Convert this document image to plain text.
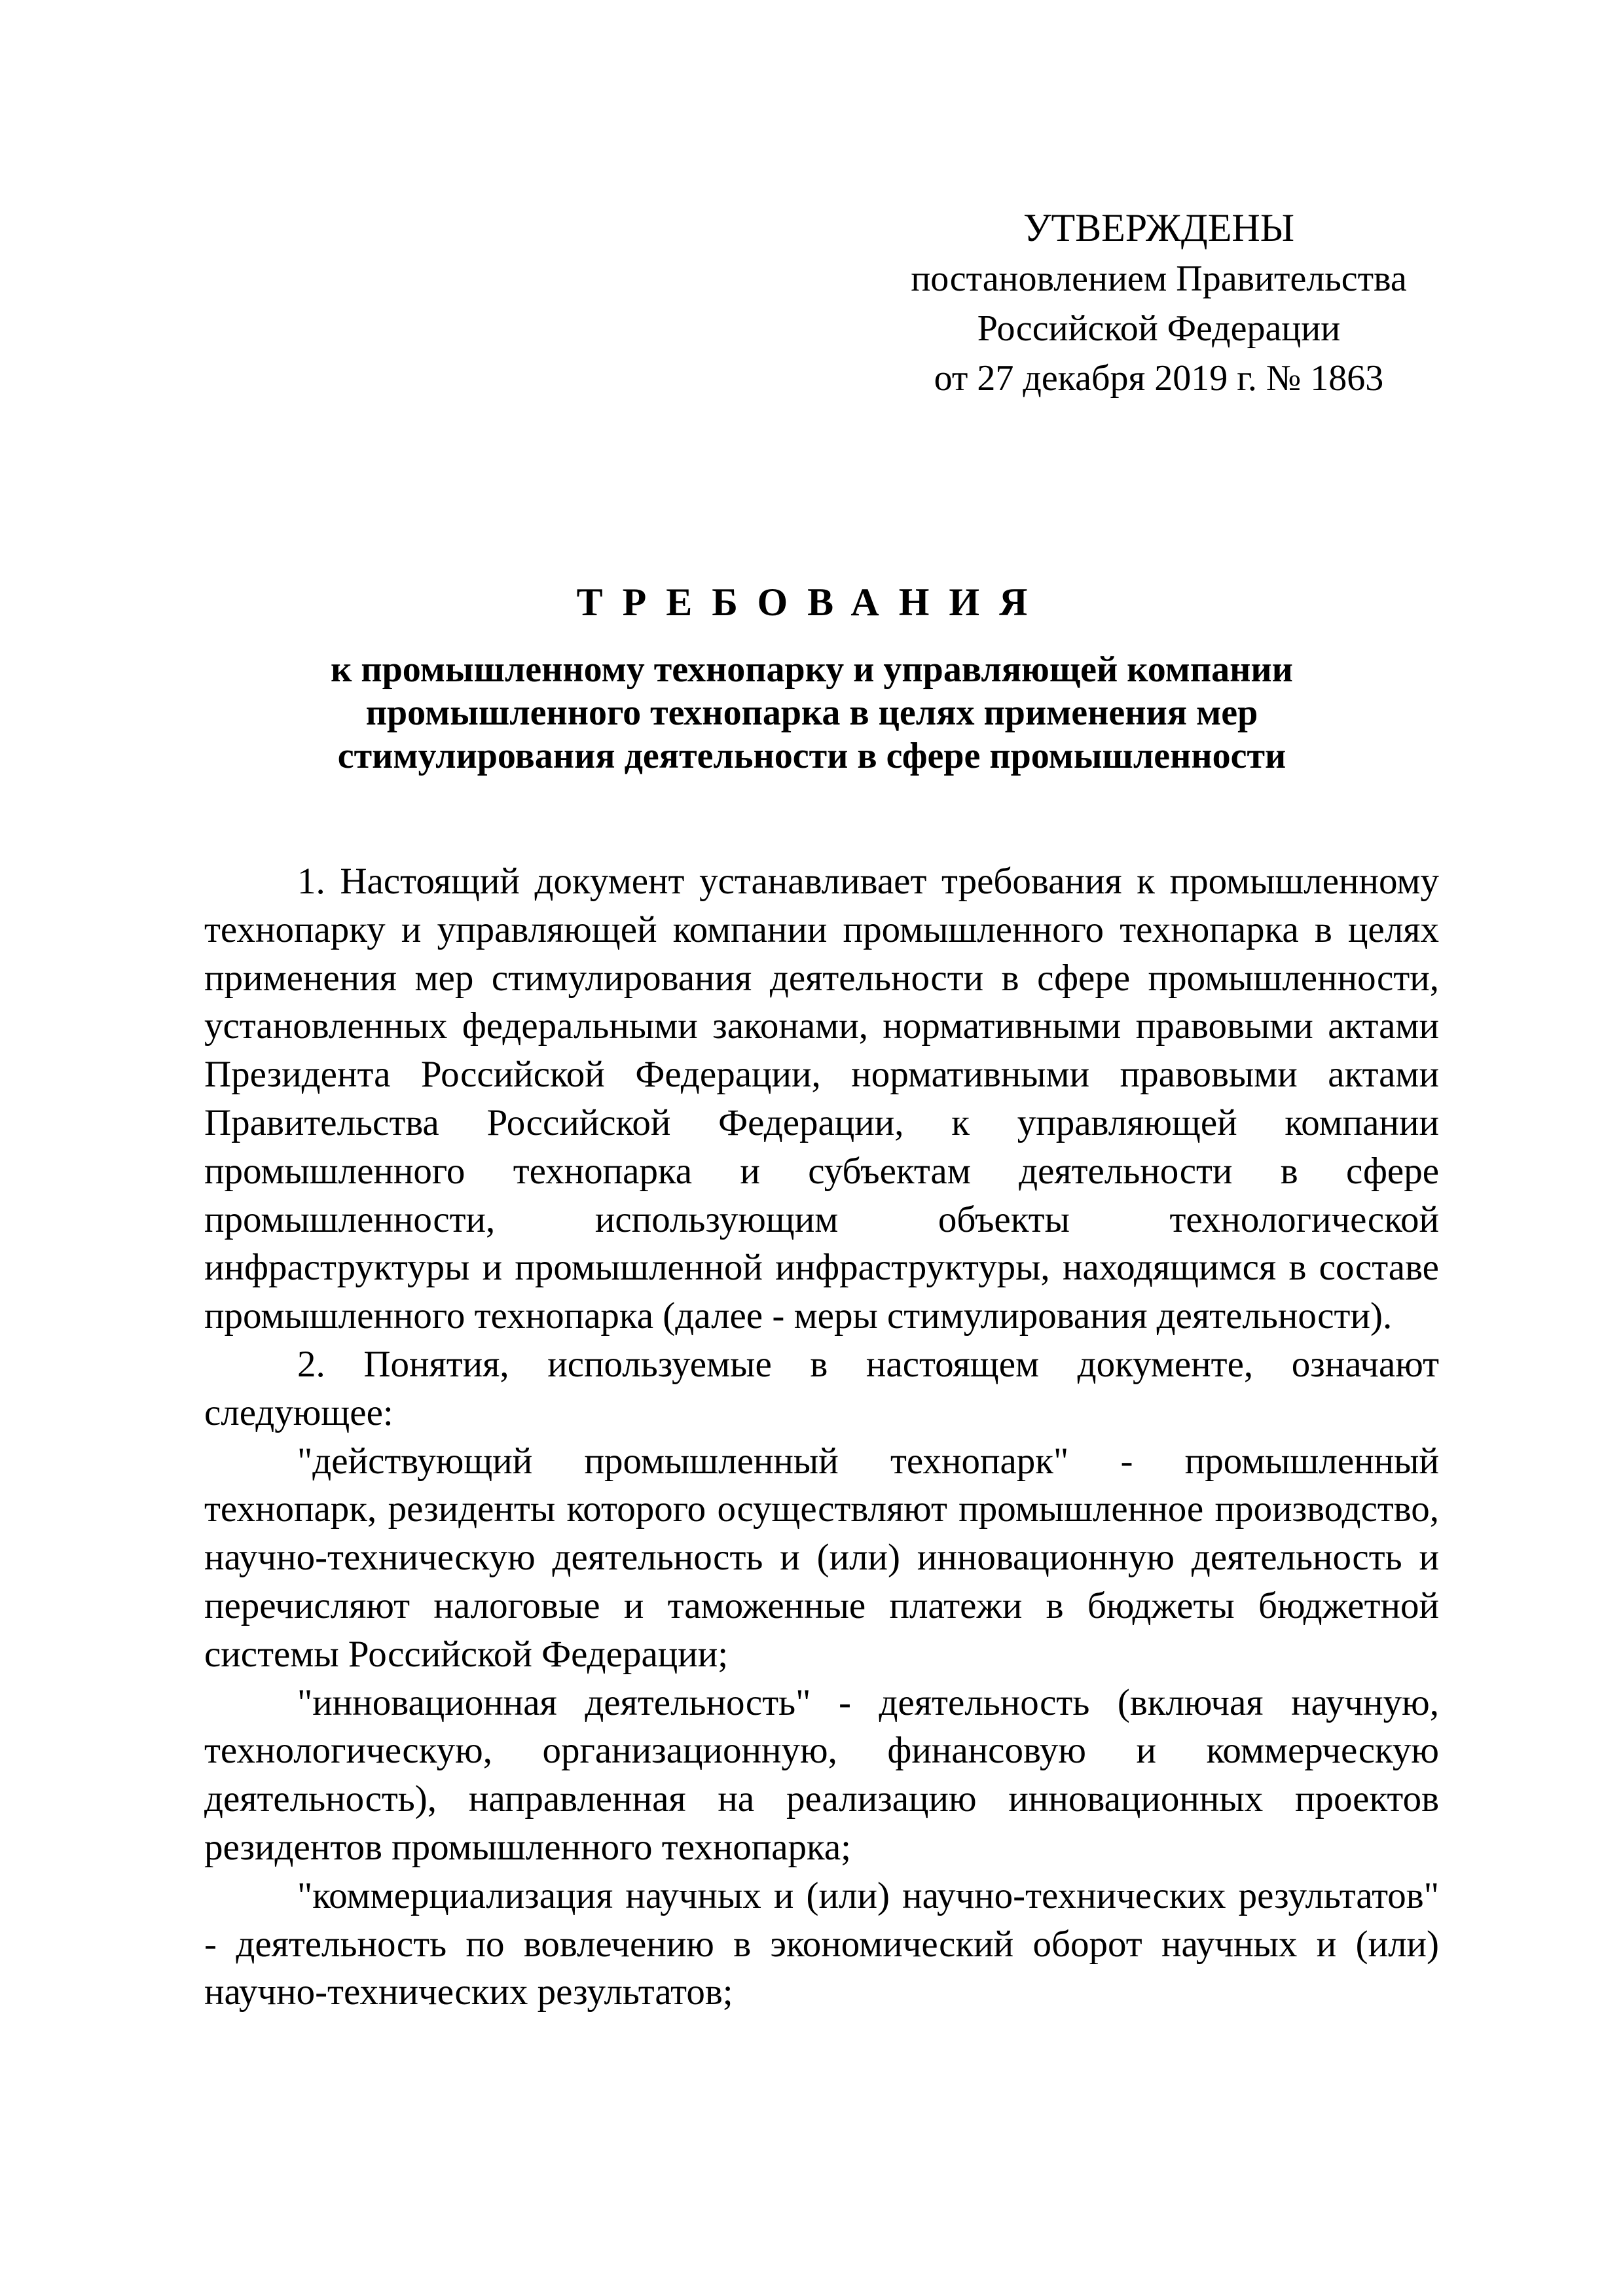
УТВЕРЖДЕНЫ
постановлением Правительства
Российской Федерации
от 27 декабря 2019 г. № 1863
ТРЕБОВАНИЯ
к промышленному технопарку и управляющей компании
промышленного технопарка в целях применения мер
стимулирования деятельности в сфере промышленности

1. Настоящий документ устанавливает требования к промышленному технопарку и управляющей компании промышленного технопарка в целях применения мер стимулирования деятельности в сфере промышленности, установленных федеральными законами, нормативными правовыми актами Президента Российской Федерации, нормативными правовыми актами Правительства Российской Федерации, к управляющей компании промышленного технопарка и субъектам деятельности в сфере промышленности, использующим объекты технологической инфраструктуры и промышленной инфраструктуры, находящимся в составе промышленного технопарка (далее - меры стимулирования деятельности).

2. Понятия, используемые в настоящем документе, означают следующее:

"действующий промышленный технопарк" - промышленный технопарк, резиденты которого осуществляют промышленное производство, научно-техническую деятельность и (или) инновационную деятельность и перечисляют налоговые и таможенные платежи в бюджеты бюджетной системы Российской Федерации;

"инновационная деятельность" - деятельность (включая научную, технологическую, организационную, финансовую и коммерческую деятельность), направленная на реализацию инновационных проектов резидентов промышленного технопарка;

"коммерциализация научных и (или) научно-технических результатов" - деятельность по вовлечению в экономический оборот научных и (или) научно-технических результатов;
